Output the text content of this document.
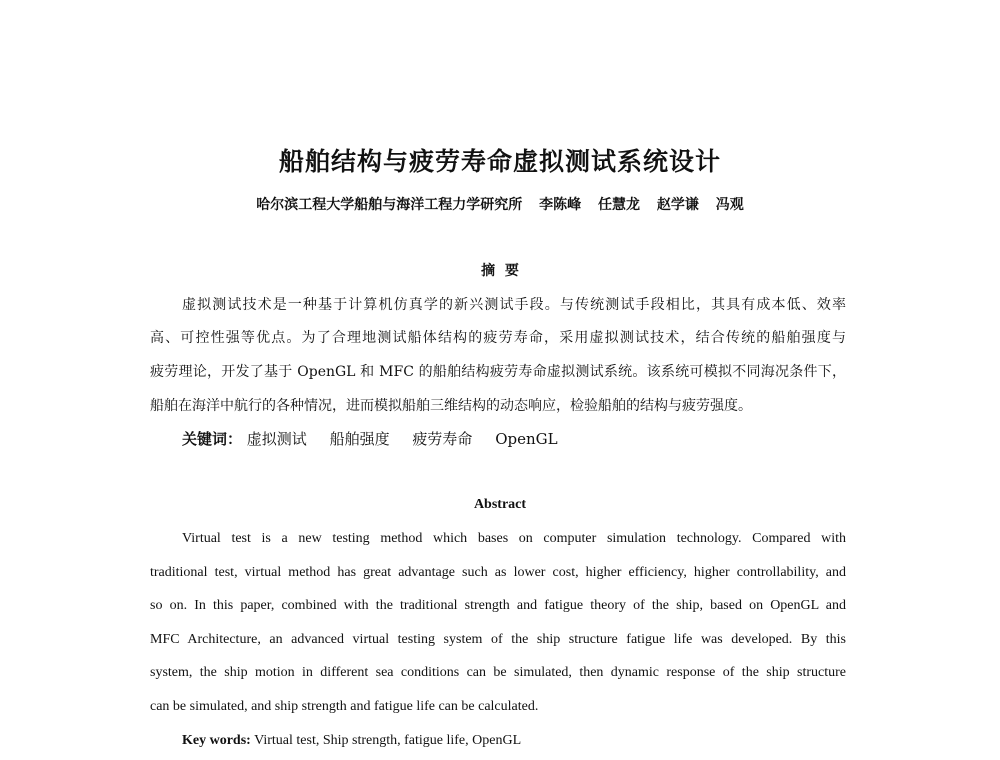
船舶结构与疲劳寿命虚拟测试系统设计
哈尔滨工程大学船舶与海洋工程力学研究所 李陈峰 任慧龙 赵学谦 冯观
摘  要
虚拟测试技术是一种基于计算机仿真学的新兴测试手段。与传统测试手段相比，其具有成本低、效率
高、可控性强等优点。为了合理地测试船体结构的疲劳寿命，采用虚拟测试技术，结合传统的船舶强度与
疲劳理论，开发了基于 OpenGL 和 MFC 的船舶结构疲劳寿命虚拟测试系统。该系统可模拟不同海况条件下，
船舶在海洋中航行的各种情况，进而模拟船舶三维结构的动态响应，检验船舶的结构与疲劳强度。
关键词： 虚拟测试 船舶强度 疲劳寿命 OpenGL
Abstract
Virtual test is a new testing method which bases on computer simulation technology. Compared with
traditional test, virtual method has great advantage such as lower cost, higher efficiency, higher controllability, and
so on. In this paper, combined with the traditional strength and fatigue theory of the ship, based on OpenGL and
MFC Architecture, an advanced virtual testing system of the ship structure fatigue life was developed. By this
system, the ship motion in different sea conditions can be simulated, then dynamic response of the ship structure
can be simulated, and ship strength and fatigue life can be calculated.
Key words: Virtual test, Ship strength, fatigue life, OpenGL
